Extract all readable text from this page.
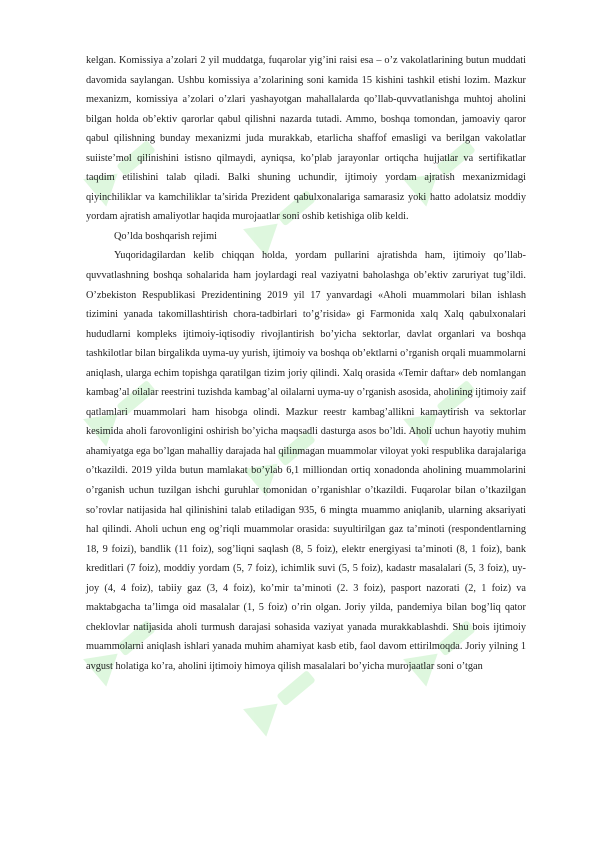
kelgan. Komissiya a’zolari 2 yil muddatga, fuqarolar yig’ini raisi esa – o’z vakolatlarining butun muddati davomida saylangan. Ushbu komissiya a’zolarining soni kamida 15 kishini tashkil etishi lozim. Mazkur mexanizm, komissiya a’zolari o’zlari yashayotgan mahallalarda qo’llab-quvvatlanishga muhtoj aholini bilgan holda ob’ektiv qarorlar qabul qilishni nazarda tutadi. Ammo, boshqa tomondan, jamoaviy qaror qabul qilishning bunday mexanizmi juda murakkab, etarlicha shaffof emasligi va berilgan vakolatlar suiiste’mol qilinishini istisno qilmaydi, ayniqsa, ko’plab jarayonlar ortiqcha hujjatlar va sertifikatlar taqdim etilishini talab qiladi. Balki shuning uchundir, ijtimoiy yordam ajratish mexanizmidagi qiyinchiliklar va kamchiliklar ta’sirida Prezident qabulxonalariga samarasiz yoki hatto adolatsiz moddiy yordam ajratish amaliyotlar haqida murojaatlar soni oshib ketishiga olib keldi.

Qo’lda boshqarish rejimi

Yuqoridagilardan kelib chiqqan holda, yordam pullarini ajratishda ham, ijtimoiy qo’llab-quvvatlashning boshqa sohalarida ham joylardagi real vaziyatni baholashga ob’ektiv zaruriyat tug’ildi. O’zbekiston Respublikasi Prezidentining 2019 yil 17 yanvardagi «Aholi muammolari bilan ishlash tizimini yanada takomillashtirish chora-tadbirlari to’g’risida» gi Farmonida xalq Xalq qabulxonalari hududlarni kompleks ijtimoiy-iqtisodiy rivojlantirish bo’yicha sektorlar, davlat organlari va boshqa tashkilotlar bilan birgalikda uyma-uy yurish, ijtimoiy va boshqa ob’ektlarni o’rganish orqali muammolarni aniqlash, ularga echim topishga qaratilgan tizim joriy qilindi. Xalq orasida «Temir daftar» deb nomlangan kambag’al oilalar reestrini tuzishda kambag’al oilalarni uyma-uy o’rganish asosida, aholining ijtimoiy zaif qatlamlari muammolari ham hisobga olindi. Mazkur reestr kambag’allikni kamaytirish va sektorlar kesimida aholi farovonligini oshirish bo’yicha maqsadli dasturga asos bo’ldi. Aholi uchun hayotiy muhim ahamiyatga ega bo’lgan mahalliy darajada hal qilinmagan muammolar viloyat yoki respublika darajalariga o’tkazildi. 2019 yilda butun mamlakat bo’ylab 6,1 milliondan ortiq xonadonda aholining muammolarini o’rganish uchun tuzilgan ishchi guruhlar tomonidan o’rganishlar o’tkazildi. Fuqarolar bilan o’tkazilgan so’rovlar natijasida hal qilinishini talab etiladigan 935, 6 mingta muammo aniqlanib, ularning aksariyati hal qilindi. Aholi uchun eng og’riqli muammolar orasida: suyultirilgan gaz ta’minoti (respondentlarning 18, 9 foizi), bandlik (11 foiz), sog’liqni saqlash (8, 5 foiz), elektr energiyasi ta’minoti (8, 1 foiz), bank kreditlari (7 foiz), moddiy yordam (5, 7 foiz), ichimlik suvi (5, 5 foiz), kadastr masalalari (5, 3 foiz), uy-joy (4, 4 foiz), tabiiy gaz (3, 4 foiz), ko’mir ta’minoti (2. 3 foiz), pasport nazorati (2, 1 foiz) va maktabgacha ta’limga oid masalalar (1, 5 foiz) o’rin olgan. Joriy yilda, pandemiya bilan bog’liq qator cheklovlar natijasida aholi turmush darajasi sohasida vaziyat yanada murakkablashdi. Shu bois ijtimoiy muammolarni aniqlash ishlari yanada muhim ahamiyat kasb etib, faol davom ettirilmoqda. Joriy yilning 1 avgust holatiga ko’ra, aholini ijtimoiy himoya qilish masalalari bo’yicha murojaatlar soni o’tgan
